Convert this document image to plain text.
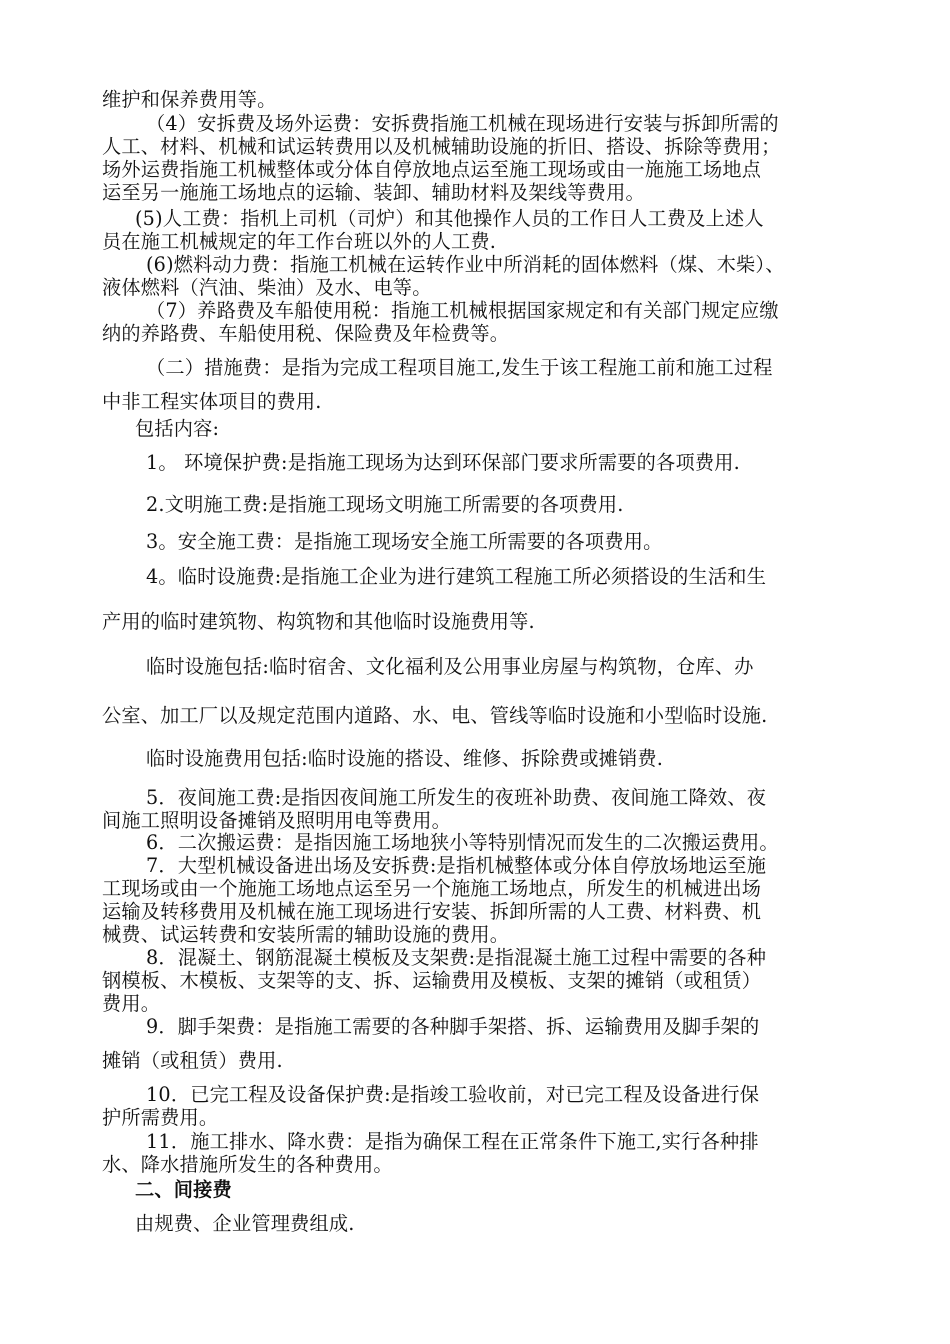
维护和保养费用等。
（4）安拆费及场外运费：安拆费指施工机械在现场进行安装与拆卸所需的
人工、材料、机械和试运转费用以及机械辅助设施的折旧、搭设、拆除等费用；
场外运费指施工机械整体或分体自停放地点运至施工现场或由一施施工场地点
运至另一施施工场地点的运输、装卸、辅助材料及架线等费用。
(5)人工费：指机上司机（司炉）和其他操作人员的工作日人工费及上述人
员在施工机械规定的年工作台班以外的人工费.
(6)燃料动力费：指施工机械在运转作业中所消耗的固体燃料（煤、木柴）、
液体燃料（汽油、柴油）及水、电等。
（7）养路费及车船使用税：指施工机械根据国家规定和有关部门规定应缴
纳的养路费、车船使用税、保险费及年检费等。
（二）措施费：是指为完成工程项目施工,发生于该工程施工前和施工过程
中非工程实体项目的费用.
包括内容:
1。 环境保护费:是指施工现场为达到环保部门要求所需要的各项费用.
2.文明施工费:是指施工现场文明施工所需要的各项费用.
3。安全施工费：是指施工现场安全施工所需要的各项费用。
4。临时设施费:是指施工企业为进行建筑工程施工所必须搭设的生活和生
产用的临时建筑物、构筑物和其他临时设施费用等.
临时设施包括:临时宿舍、文化福利及公用事业房屋与构筑物，仓库、办
公室、加工厂以及规定范围内道路、水、电、管线等临时设施和小型临时设施.
临时设施费用包括:临时设施的搭设、维修、拆除费或摊销费.
5．夜间施工费:是指因夜间施工所发生的夜班补助费、夜间施工降效、夜
间施工照明设备摊销及照明用电等费用。
6．二次搬运费：是指因施工场地狭小等特别情况而发生的二次搬运费用。
7．大型机械设备进出场及安拆费:是指机械整体或分体自停放场地运至施
工现场或由一个施施工场地点运至另一个施施工场地点，所发生的机械进出场
运输及转移费用及机械在施工现场进行安装、拆卸所需的人工费、材料费、机
械费、试运转费和安装所需的辅助设施的费用。
8．混凝土、钢筋混凝土模板及支架费:是指混凝土施工过程中需要的各种
钢模板、木模板、支架等的支、拆、运输费用及模板、支架的摊销（或租赁）
费用。
9．脚手架费：是指施工需要的各种脚手架搭、拆、运输费用及脚手架的
摊销（或租赁）费用.
10．已完工程及设备保护费:是指竣工验收前，对已完工程及设备进行保
护所需费用。
11．施工排水、降水费：是指为确保工程在正常条件下施工,实行各种排
水、降水措施所发生的各种费用。
二、间接费
由规费、企业管理费组成.
